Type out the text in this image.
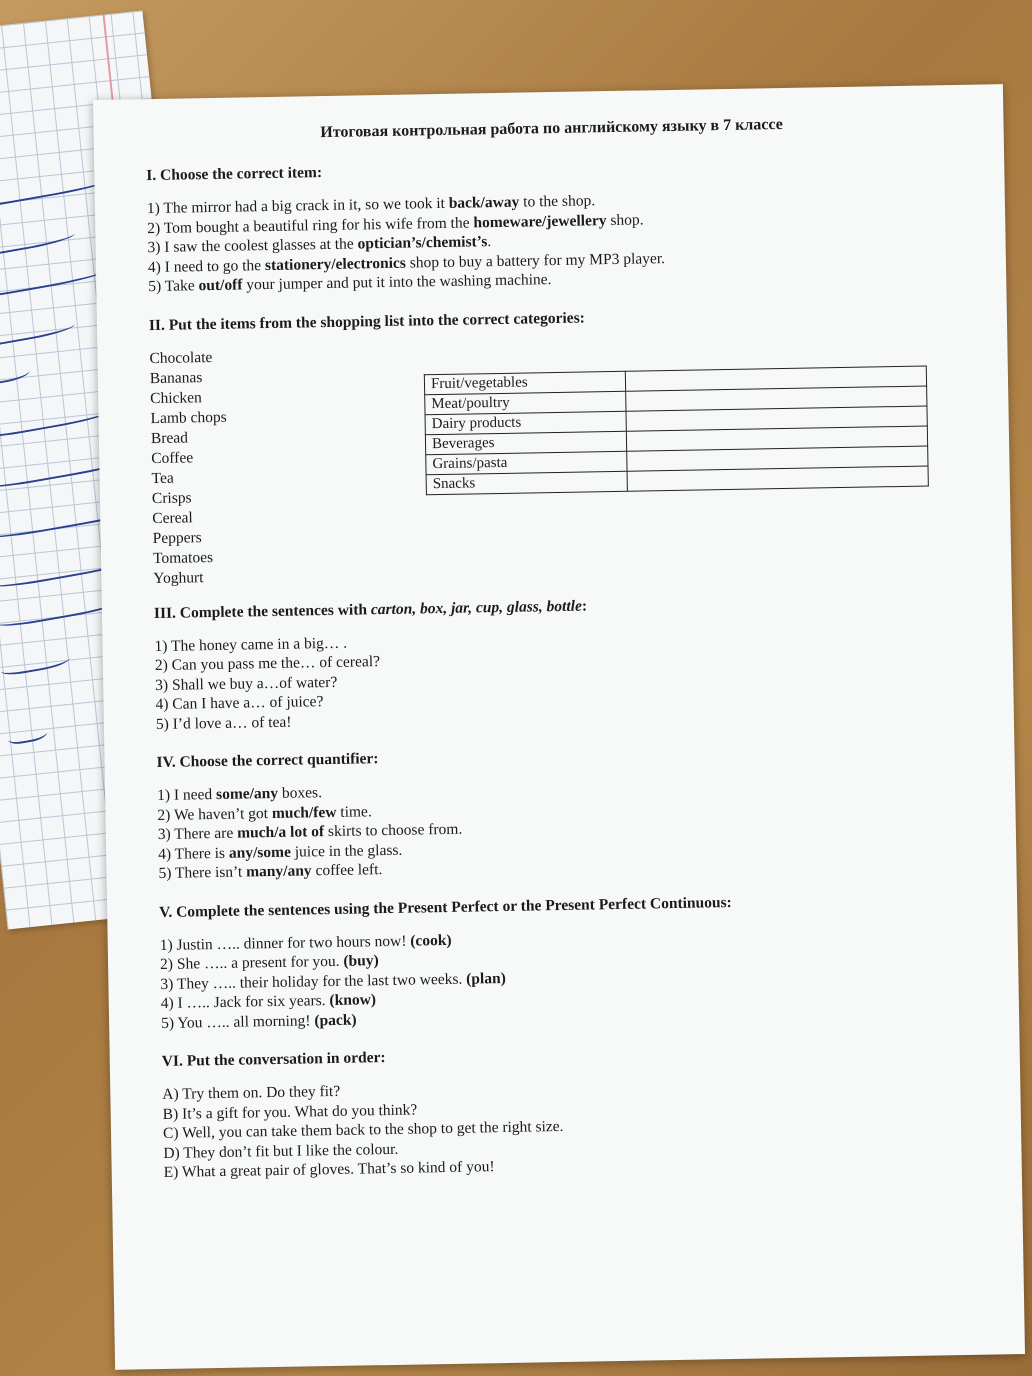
Итоговая контрольная работа по английскому языку в 7 классе
I. Choose the correct item:
1) The mirror had a big crack in it, so we took it back/away to the shop.
2) Tom bought a beautiful ring for his wife from the homeware/jewellery shop.
3) I saw the coolest glasses at the optician’s/chemist’s.
4) I need to go the stationery/electronics shop to buy a battery for my MP3 player.
5) Take out/off your jumper and put it into the washing machine.
II. Put the items from the shopping list into the correct categories:
Chocolate
Bananas
Chicken
Lamb chops
Bread
Coffee
Tea
Crisps
Cereal
Peppers
Tomatoes
Yoghurt
Fruit/vegetables	
Meat/poultry	
Dairy products	
Beverages	
Grains/pasta	
Snacks	
III. Complete the sentences with carton, box, jar, cup, glass, bottle:
1) The honey came in a big… .
2) Can you pass me the… of cereal?
3) Shall we buy a…of water?
4) Can I have a… of juice?
5) I’d love a… of tea!
IV. Choose the correct quantifier:
1) I need some/any boxes.
2) We haven’t got much/few time.
3) There are much/a lot of skirts to choose from.
4) There is any/some juice in the glass.
5) There isn’t many/any coffee left.
V. Complete the sentences using the Present Perfect or the Present Perfect Continuous:
1) Justin ….. dinner for two hours now! (cook)
2) She ….. a present for you. (buy)
3) They ….. their holiday for the last two weeks. (plan)
4) I ….. Jack for six years. (know)
5) You ….. all morning! (pack)
VI. Put the conversation in order:
A) Try them on. Do they fit?
B) It’s a gift for you. What do you think?
C) Well, you can take them back to the shop to get the right size.
D) They don’t fit but I like the colour.
E) What a great pair of gloves. That’s so kind of you!
